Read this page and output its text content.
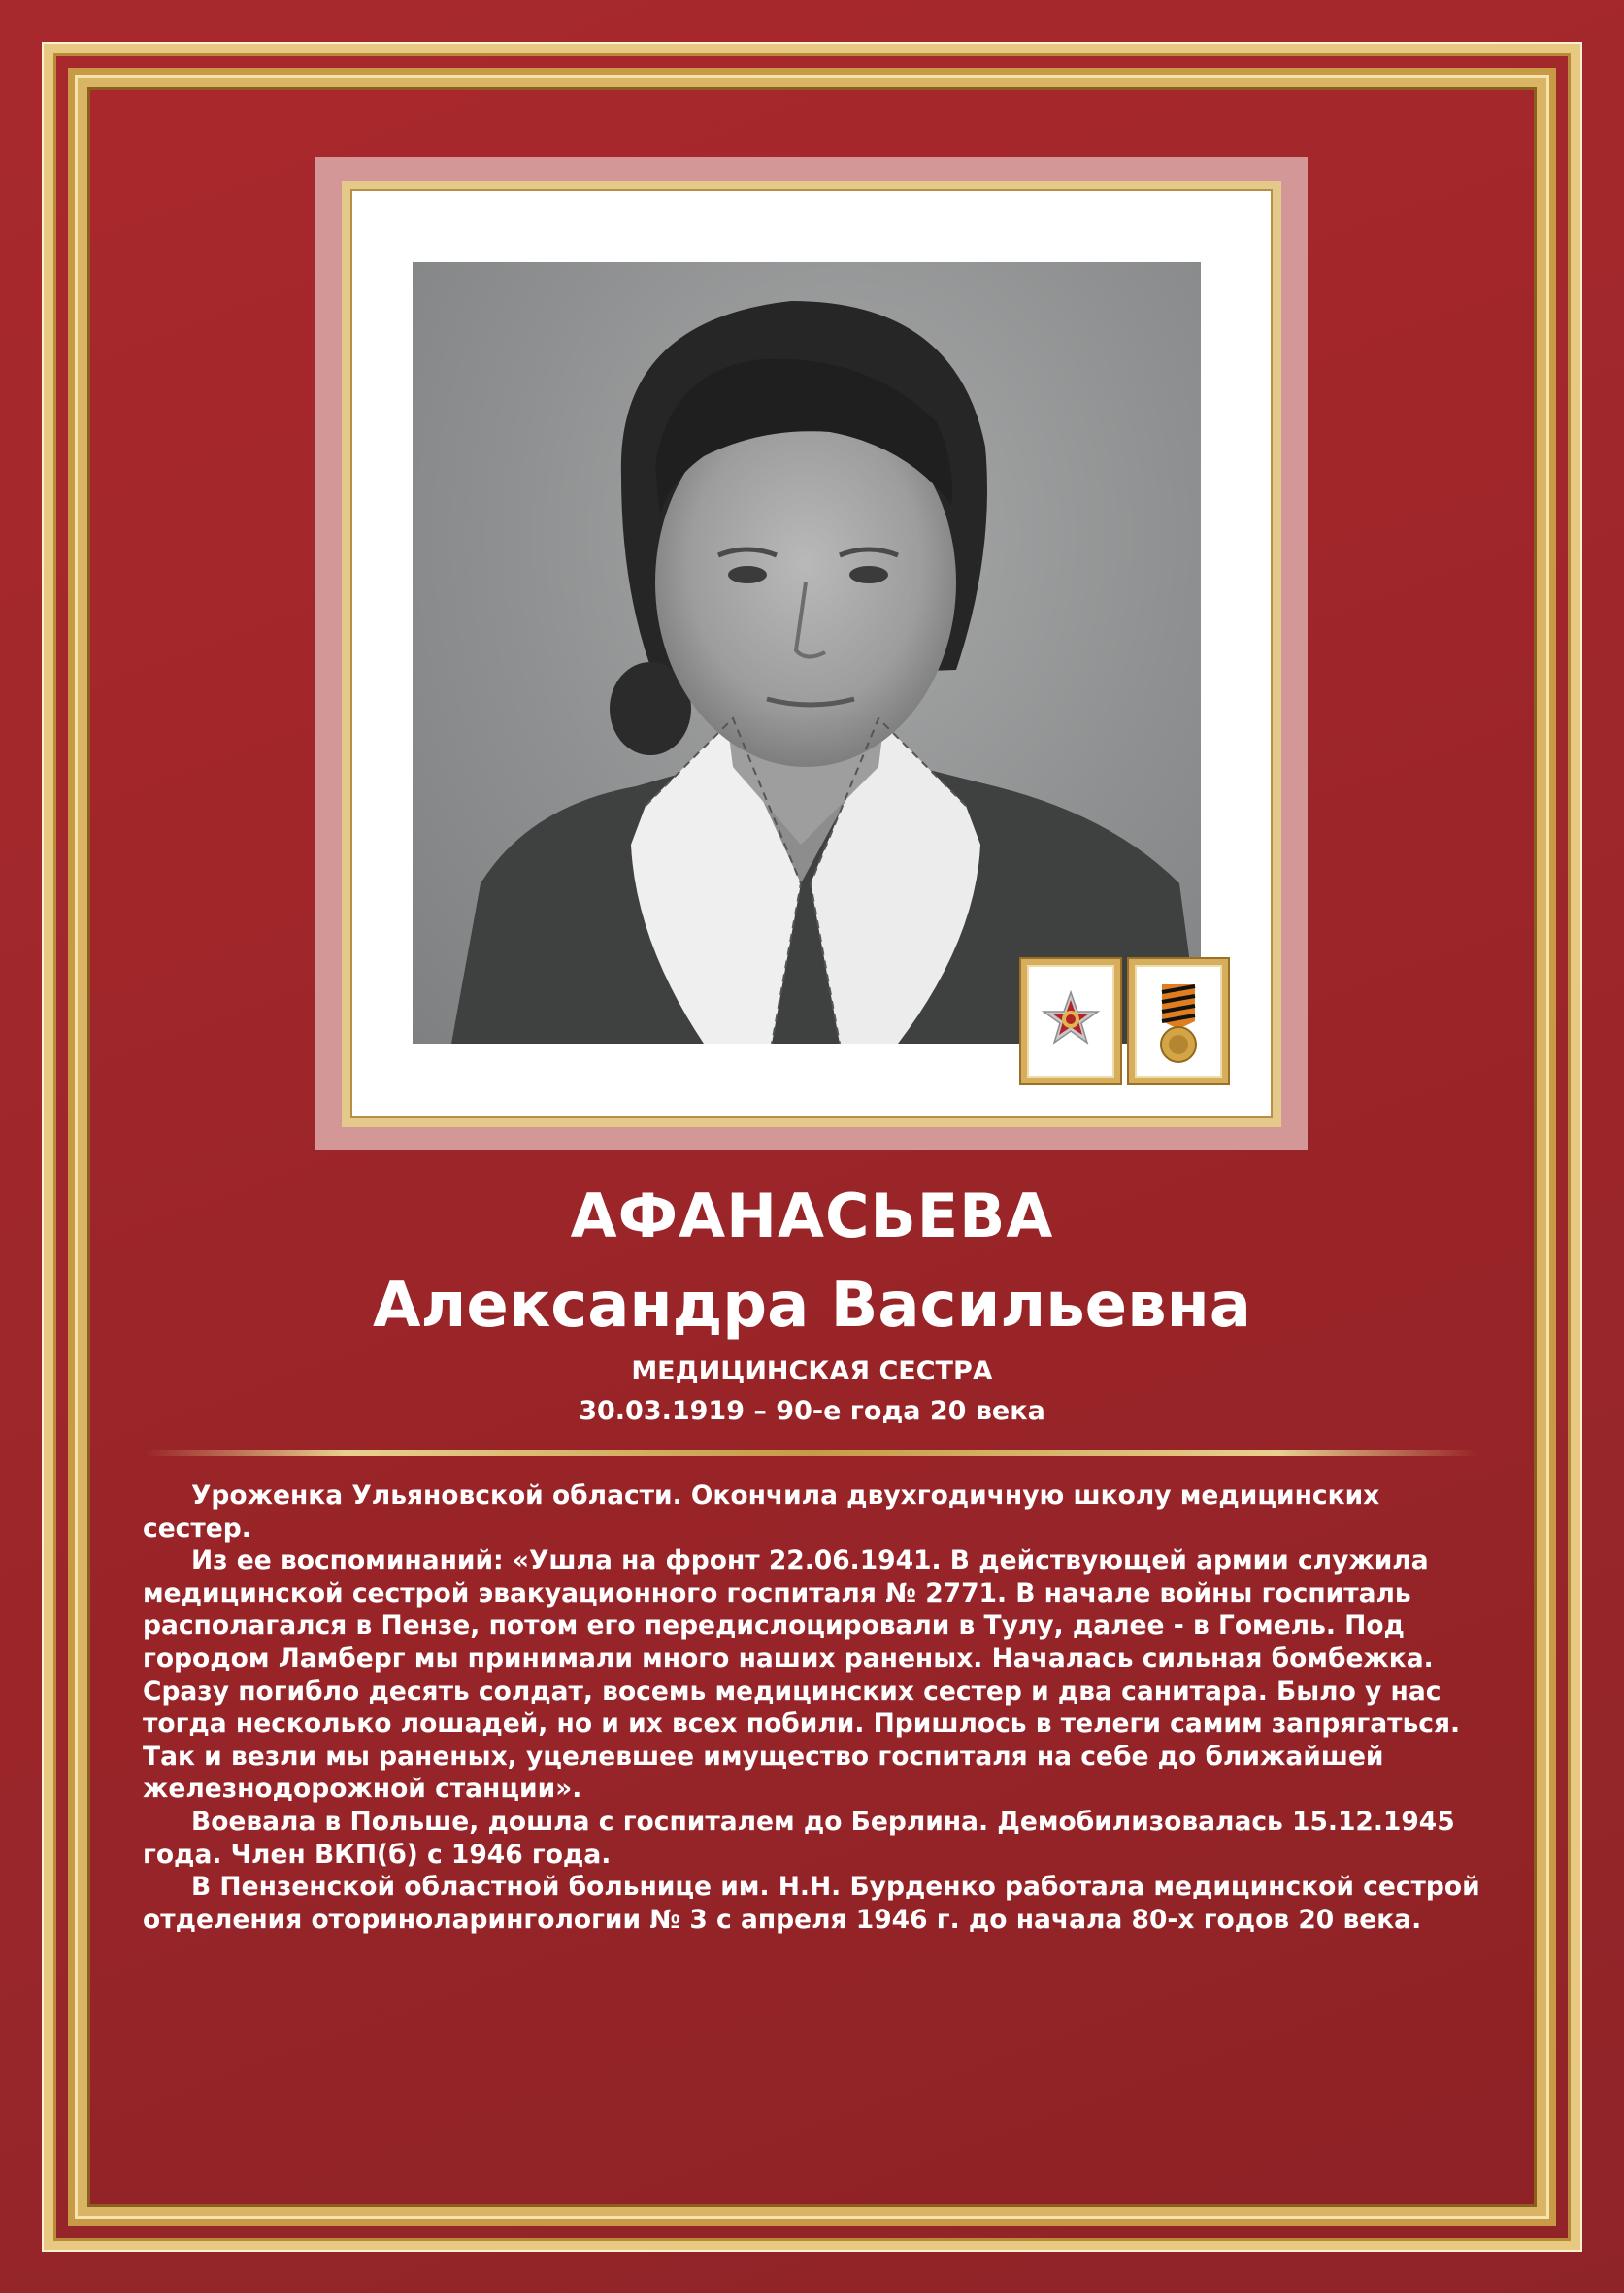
АФАНАСЬЕВА
Александра Васильевна
МЕДИЦИНСКАЯ СЕСТРА
30.03.1919 – 90-е года 20 века

Уроженка Ульяновской области. Окончила двухгодичную школу медицинских сестер.

Из ее воспоминаний: «Ушла на фронт 22.06.1941. В действующей армии служила медицинской сестрой эвакуационного госпиталя № 2771. В начале войны госпиталь располагался в Пензе, потом его передислоцировали в Тулу, далее - в Гомель. Под городом Ламберг мы принимали много наших раненых. Началась сильная бомбежка. Сразу погибло десять солдат, восемь медицинских сестер и два санитара. Было у нас тогда несколько лошадей, но и их всех побили. Пришлось в телеги самим запрягаться. Так и везли мы раненых, уцелевшее имущество госпиталя на себе до ближайшей железнодорожной станции».

Воевала в Польше, дошла с госпиталем до Берлина. Демобилизовалась 15.12.1945 года. Член ВКП(б) с 1946 года.

В Пензенской областной больнице им. Н.Н. Бурденко работала медицинской сестрой отделения оториноларингологии № 3 с апреля 1946 г. до начала 80-х годов 20 века.
